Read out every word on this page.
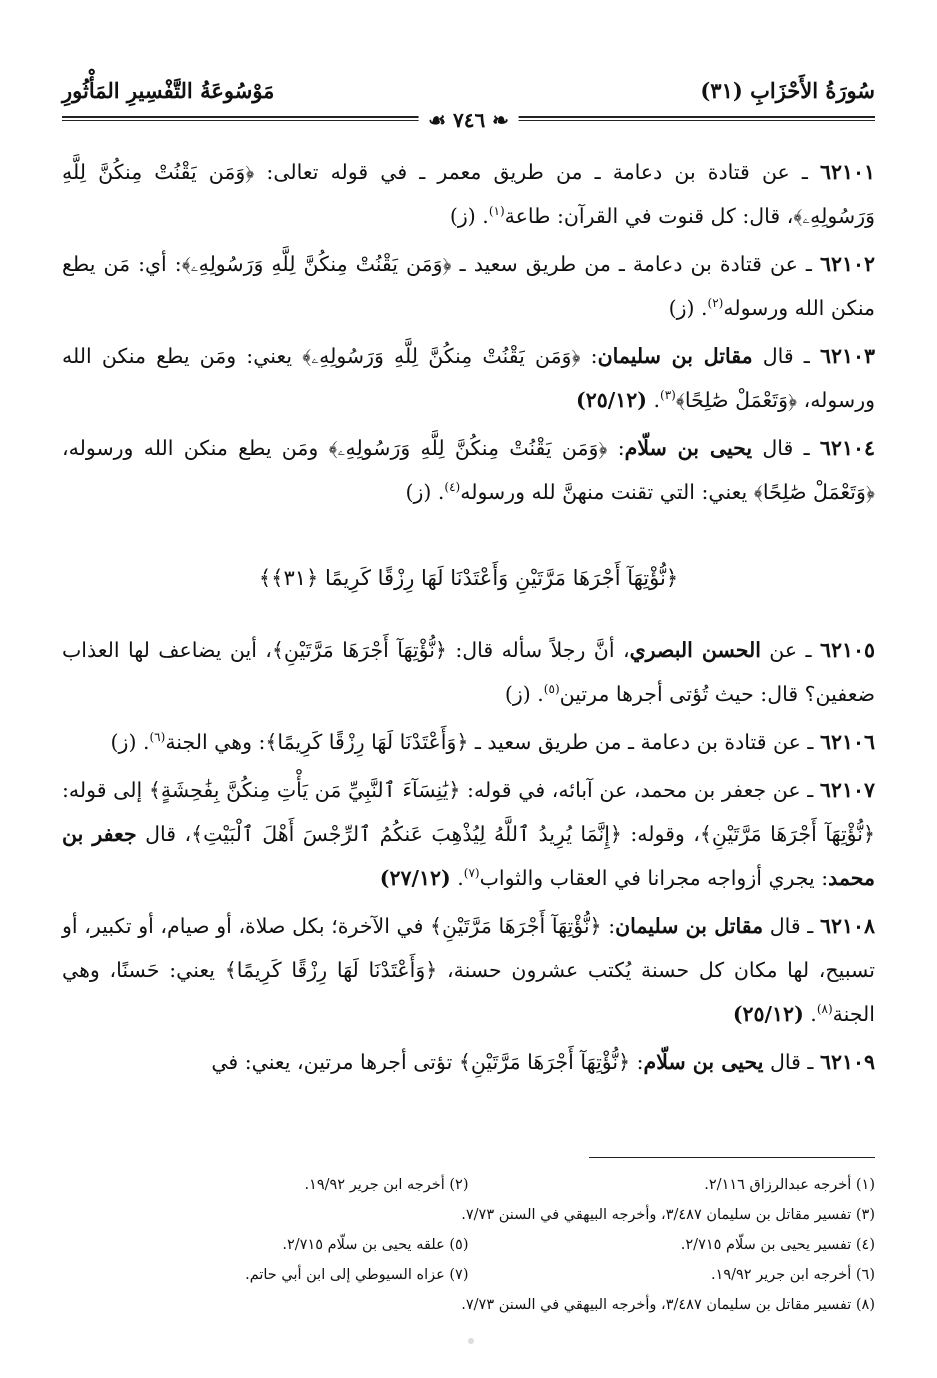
سُورَةُ الأَحْزَابِ (٣١)
مَوْسُوعَةُ التَّفْسِيرِ المَأْثُورِ
❧ ٧٤٦ ☙

٦٢١٠١ ـ عن قتادة بن دعامة ـ من طريق معمر ـ في قوله تعالى: ﴿وَمَن يَقْنُتْ مِنكُنَّ لِلَّهِ وَرَسُولِهِۦ﴾، قال: كل قنوت في القرآن: طاعة$^{(١)}$. (ز)

٦٢١٠٢ ـ عن قتادة بن دعامة ـ من طريق سعيد ـ ﴿وَمَن يَقْنُتْ مِنكُنَّ لِلَّهِ وَرَسُولِهِۦ﴾: أي: مَن يطع منكن الله ورسوله$^{(٢)}$. (ز)

٦٢١٠٣ ـ قال مقاتل بن سليمان: ﴿وَمَن يَقْنُتْ مِنكُنَّ لِلَّهِ وَرَسُولِهِۦ﴾ يعني: ومَن يطع منكن الله ورسوله، ﴿وَتَعْمَلْ صَٰلِحًا﴾$^{(٣)}$. (٢٥/١٢)

٦٢١٠٤ ـ قال يحيى بن سلّام: ﴿وَمَن يَقْنُتْ مِنكُنَّ لِلَّهِ وَرَسُولِهِۦ﴾ ومَن يطع منكن الله ورسوله، ﴿وَتَعْمَلْ صَٰلِحًا﴾ يعني: التي تقنت منهنَّ لله ورسوله$^{(٤)}$. (ز)

﴿نُّؤْتِهَآ أَجْرَهَا مَرَّتَيْنِ وَأَعْتَدْنَا لَهَا رِزْقًا كَرِيمًا ﴿٣١﴾﴾

٦٢١٠٥ ـ عن الحسن البصري، أنَّ رجلاً سأله قال: ﴿نُّؤْتِهَآ أَجْرَهَا مَرَّتَيْنِ﴾، أين يضاعف لها العذاب ضعفين؟ قال: حيث تُؤتى أجرها مرتين$^{(٥)}$. (ز)

٦٢١٠٦ ـ عن قتادة بن دعامة ـ من طريق سعيد ـ ﴿وَأَعْتَدْنَا لَهَا رِزْقًا كَرِيمًا﴾: وهي الجنة$^{(٦)}$. (ز)

٦٢١٠٧ ـ عن جعفر بن محمد، عن آبائه، في قوله: ﴿يَٰنِسَآءَ ٱلنَّبِيِّ مَن يَأْتِ مِنكُنَّ بِفَٰحِشَةٍ﴾ إلى قوله: ﴿نُّؤْتِهَآ أَجْرَهَا مَرَّتَيْنِ﴾، وقوله: ﴿إِنَّمَا يُرِيدُ ٱللَّهُ لِيُذْهِبَ عَنكُمُ ٱلرِّجْسَ أَهْلَ ٱلْبَيْتِ﴾، قال جعفر بن محمد: يجري أزواجه مجرانا في العقاب والثواب$^{(٧)}$. (٢٧/١٢)

٦٢١٠٨ ـ قال مقاتل بن سليمان: ﴿نُّؤْتِهَآ أَجْرَهَا مَرَّتَيْنِ﴾ في الآخرة؛ بكل صلاة، أو صيام، أو تكبير، أو تسبيح، لها مكان كل حسنة يُكتب عشرون حسنة، ﴿وَأَعْتَدْنَا لَهَا رِزْقًا كَرِيمًا﴾ يعني: حَسنًا، وهي الجنة$^{(٨)}$. (٢٥/١٢)

٦٢١٠٩ ـ قال يحيى بن سلّام: ﴿نُّؤْتِهَآ أَجْرَهَا مَرَّتَيْنِ﴾ تؤتى أجرها مرتين، يعني: في

(١) أخرجه عبدالرزاق ٢/١١٦.
(٢) أخرجه ابن جرير ١٩/٩٢.
(٣) تفسير مقاتل بن سليمان ٣/٤٨٧، وأخرجه البيهقي في السنن ٧/٧٣.
(٤) تفسير يحيى بن سلّام ٢/٧١٥.
(٥) علقه يحيى بن سلّام ٢/٧١٥.
(٦) أخرجه ابن جرير ١٩/٩٢.
(٧) عزاه السيوطي إلى ابن أبي حاتم.
(٨) تفسير مقاتل بن سليمان ٣/٤٨٧، وأخرجه البيهقي في السنن ٧/٧٣.
